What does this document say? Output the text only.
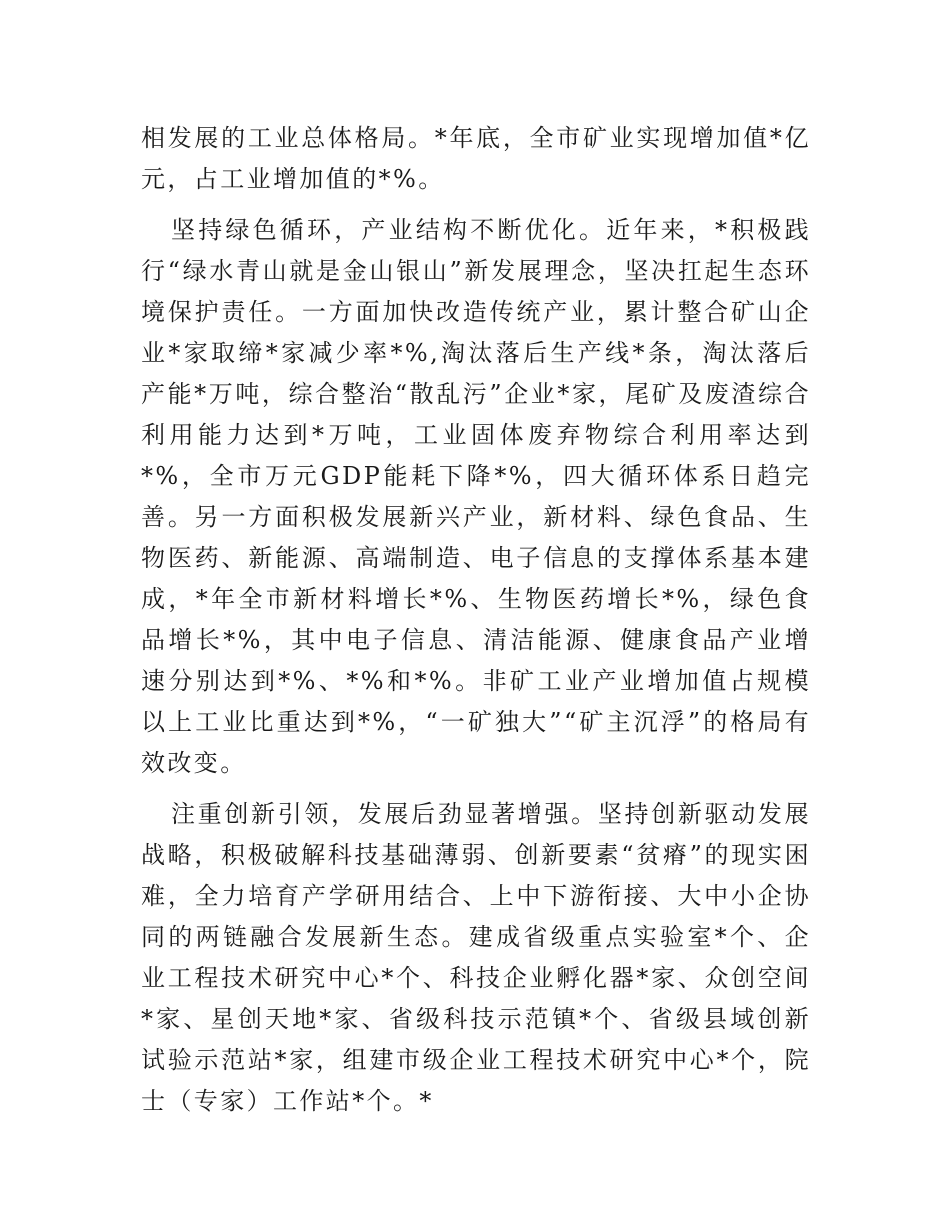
相发展的工业总体格局。*年底，全市矿业实现增加值*亿元，占工业增加值的*%。

坚持绿色循环，产业结构不断优化。近年来，*积极践行“绿水青山就是金山银山”新发展理念，坚决扛起生态环境保护责任。一方面加快改造传统产业，累计整合矿山企业*家取缔*家减少率*%,淘汰落后生产线*条，淘汰落后产能*万吨，综合整治“散乱污”企业*家，尾矿及废渣综合利用能力达到*万吨，工业固体废弃物综合利用率达到*%，全市万元GDP能耗下降*%，四大循环体系日趋完善。另一方面积极发展新兴产业，新材料、绿色食品、生物医药、新能源、高端制造、电子信息的支撑体系基本建成，*年全市新材料增长*%、生物医药增长*%，绿色食品增长*%，其中电子信息、清洁能源、健康食品产业增速分别达到*%、*%和*%。非矿工业产业增加值占规模以上工业比重达到*%，“一矿独大”“矿主沉浮”的格局有效改变。

注重创新引领，发展后劲显著增强。坚持创新驱动发展战略，积极破解科技基础薄弱、创新要素“贫瘠”的现实困难，全力培育产学研用结合、上中下游衔接、大中小企协同的两链融合发展新生态。建成省级重点实验室*个、企业工程技术研究中心*个、科技企业孵化器*家、众创空间*家、星创天地*家、省级科技示范镇*个、省级县域创新试验示范站*家，组建市级企业工程技术研究中心*个，院士（专家）工作站*个。*
